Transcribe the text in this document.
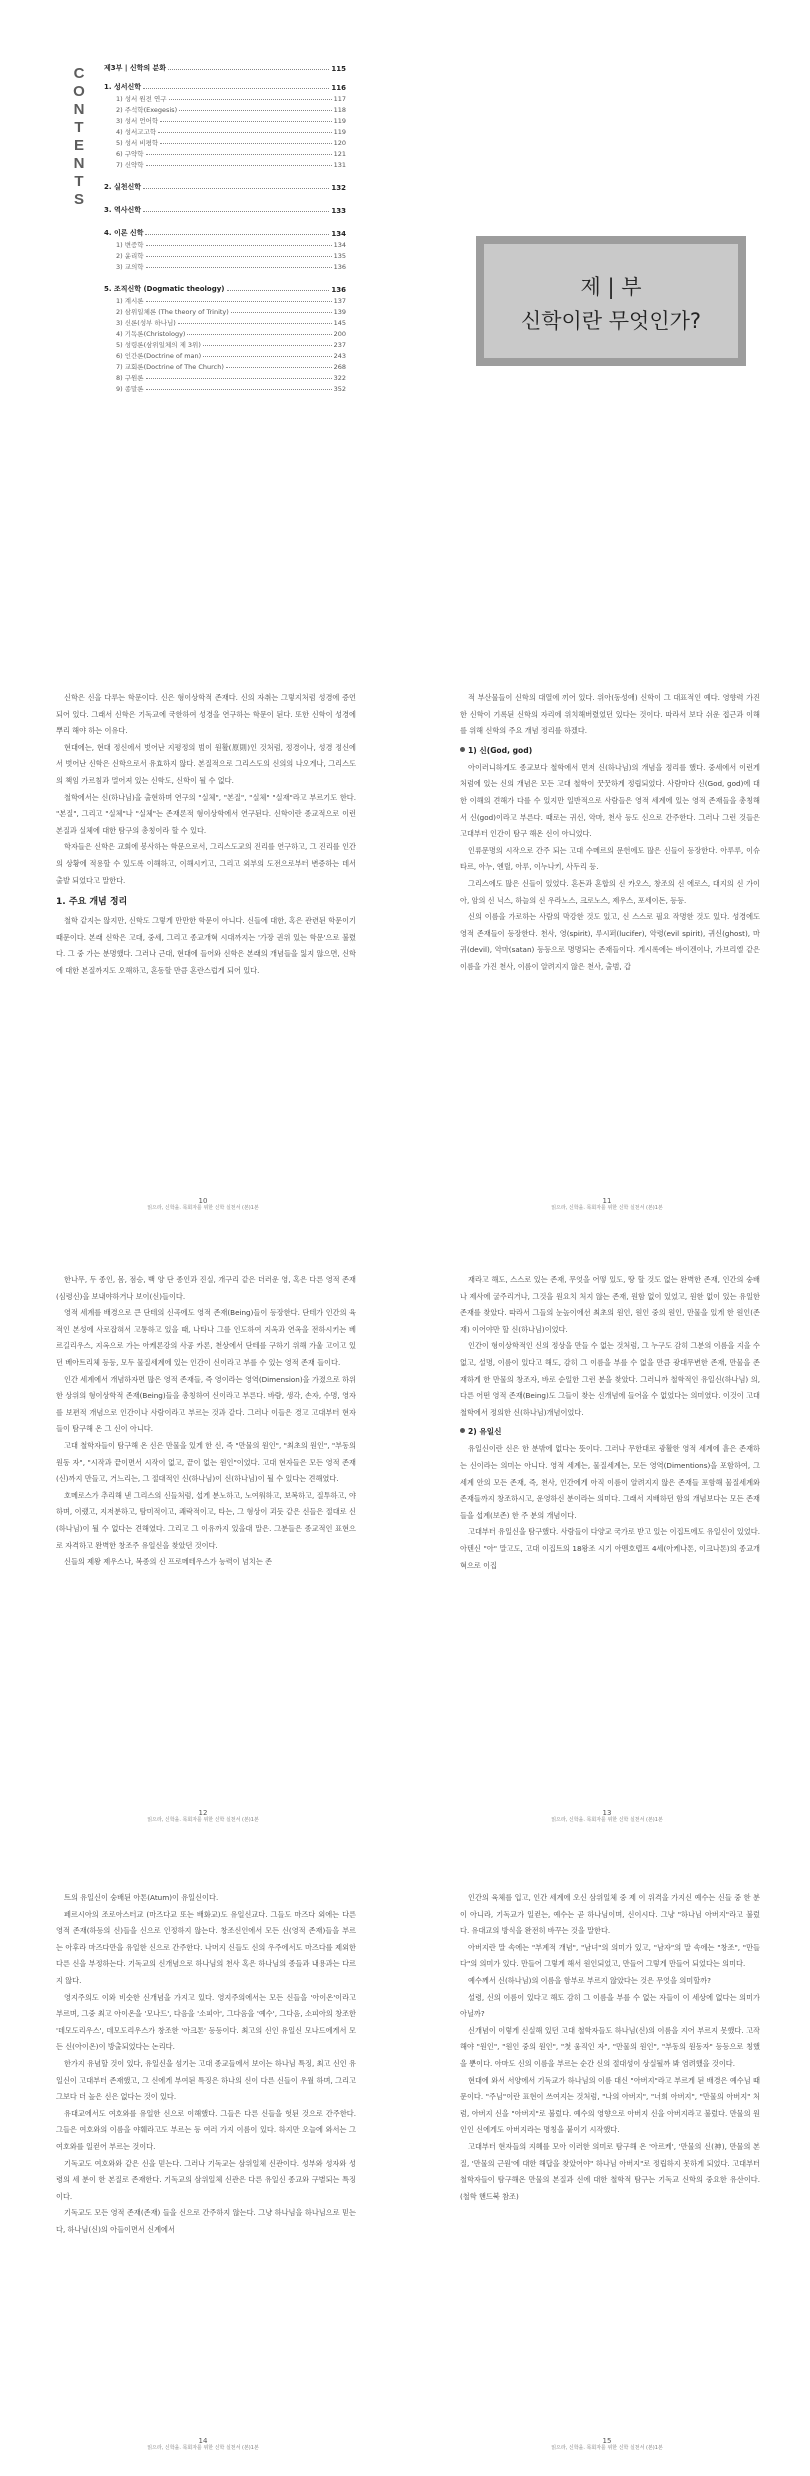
C
O
N
T
E
N
T
S
제3부 | 신학의 분화	115
1. 성서신학	116
1) 성서 원전 연구	117
2) 주석학(Exegesis)	118
3) 성서 언어학	119
4) 성서고고학	119
5) 성서 비평학	120
6) 구약학	121
7) 신약학	131
2. 실천신학	132
3. 역사신학	133
4. 이론 신학	134
1) 변증학	134
2) 윤리학	135
3) 교의학	136
5. 조직신학 (Dogmatic theology)	136
1) 계시론	137
2) 삼위일체론 (The theory of Trinity)	139
3) 신론(성부 하나님)	145
4) 기독론(Christology)	200
5) 성령론(삼위일체의 제 3위)	237
6) 인간론(Doctrine of man)	243
7) 교회론(Doctrine of The Church)	268
8) 구원론	322
9) 종말론	352
제 | 부
신학이란 무엇인가?

신학은 신을 다루는 학문이다. 신은 형이상학적 존재다. 신의 자취는 그렇지처럼 성경에 증언되어 있다. 그래서 신학은 기독교에 국한하여 성경을 연구하는 학문이 된다. 또한 신학이 성경에 뿌리 해야 하는 이유다.

현대에는, 현대 정신에서 벗어난 지평정의 범이 원활(原則)인 것처럼, 정경이나, 성경 정신에서 벗어난 신학은 신학으로서 유효하지 않다. 본질적으로 그리스도의 신의의 나오게나, 그리스도의 책임 가르침과 멀어져 있는 신학도, 신학이 될 수 없다.

철학에서는 신(하나님)을 출현하며 연구의 "실체", "본질", "실체" "실재"라고 부르기도 한다. "본질", 그리고 "실체"나 "실체"는 존재론적 형이상학에서 연구된다. 신학이란 종교적으로 이런 본질과 실체에 대한 탐구의 총칭이라 할 수 있다.

학자들은 신학은 교회에 봉사하는 학문으로서, 그리스도교의 진리를 연구하고, 그 진리를 인간의 상황에 적용할 수 있도록 이해하고, 이해시키고, 그리고 외부의 도전으로부터 변증하는 데서 출발 되었다고 말한다.

1. 주요 개념 정리

철학 같지는 않지만, 신학도 그렇게 만만한 학문이 아니다. 신들에 대한, 혹은 관련된 학문이기 때문이다. 본래 신학은 고대, 중세, 그리고 종교개혁 시대까지는 '가장 권위 있는 학문'으로 불렸다. 그 중 가는 분명했다. 그러나 근대, 현대에 들어와 신학은 본래의 개념들을 잃지 않으면, 신학에 대한 본질까지도 오해하고, 혼동할 만큼 혼란스럽게 되어 있다.

10
읽으라, 신학을. 목회자를 위한 신학 실천서 (본)1본

적 부산물들이 신학의 대열에 끼어 있다. 위아(동성애) 신학이 그 대표적인 예다. 영향력 가진한 신학이 기록된 신학의 자리에 위치해버렸었던 있다는 것이다. 따라서 보다 쉬운 접근과 이해를 위해 신학의 주요 개념 정리를 하겠다.

1) 신(God, god)

아이러니하게도 종교보다 철학에서 먼저 신(하나님)의 개념을 정리를 했다. 중세에서 이런게 처럼에 있는 신의 개념은 모든 고대 철학이 꿋꿋하게 정립되었다. 사람마다 신(God, god)에 대한 이해의 견해가 다를 수 있지만 일반적으로 사람들은 영적 세계에 있는 영적 존재들을 총칭해서 신(god)이라고 부른다. 때로는 귀신, 악마, 천사 등도 신으로 간주한다. 그러나 그런 것들은 고대부터 인간이 탐구 해온 신이 아니었다.

인류문명의 시작으로 간주 되는 고대 수메르의 문헌에도 많은 신들이 등장한다. 아루루, 이슈타르, 아누, 엔릴, 아루, 이누나키, 사두리 등.

그리스에도 많은 신들이 있었다. 혼돈과 혼합의 신 카오스, 창조의 신 에로스, 대지의 신 가이아, 암의 신 닉스, 하늘의 신 우라노스, 크로노스, 제우스, 포세이돈, 등등.

신의 이름을 가로하는 사람의 막강한 것도 있고, 신 스스로 필요 작명한 것도 있다. 성경에도 영적 존재들이 등장한다. 천사, 영(spirit), 루시퍼(lucifer), 악령(evil spirit), 귀신(ghost), 마귀(devil), 악마(satan) 등등으로 명명되는 존재들이다. 게시록에는 바이겐이나, 가브리엘 같은 이름을 가진 천사, 이름이 알려지지 않은 천사, 출범, 갑

11
읽으라, 신학을. 목회자를 위한 신학 실천서 (본)1본

한나무, 두 종인, 몸, 점승, 백 양 단 종인과 진실, 개구리 같은 더러운 영, 혹은 다른 영적 존재(심령신)을 보내야하거나 보이(신)들이다.

영적 세계를 배경으로 큰 단테의 신곡에도 영적 존재(Being)들이 등장한다. 단테가 인간의 육적인 본성에 사로잡혀서 고통하고 있을 때, 나타나 그를 인도하여 지옥과 연옥을 전하시키는 베르길리우스, 지옥으로 가는 아케론강의 사공 카론, 천상에서 단테를 구하기 위해 가울 고이고 있던 베아트리체 등등, 모두 물질세계에 있는 인간이 신이라고 부를 수 있는 영적 존재 들이다.

인간 세계에서 개념하자면 많은 영적 존재들, 즉 영이라는 영역(Dimension)을 가졌으로 하위한 상위의 형이상학적 존재(Being)들을 총칭하여 신이라고 부른다. 바람, 생각, 손자, 수명, 영자를 보편적 개념으로 인간이나 사람이라고 부르는 것과 같다. 그러나 이들은 경고 고대부터 현자들이 탐구해 온 그 신이 아니다.

고대 철학자들이 탐구해 온 신은 만물을 있게 한 신, 즉 "만물의 원인", "최초의 원인", "부동의 원동 자", "시작과 끝이면서 시작이 없고, 끝이 없는 원인"이었다. 고대 현자들은 모든 영적 존재(신)까지 만들고, 거느리는, 그 절대적인 신(하나님)이 신(하나님)이 될 수 있다는 견해였다.

호메로스가 추리해 낸 그리스의 신들처럼, 섭게 분노하고, 노여워하고, 보복하고, 질투하고, 야하며, 이랬고, 지저분하고, 탐미적이고, 쾌락적이고, 타는, 그 형상이 괴듯 같은 신들은 절대로 신(하나님)이 될 수 없다는 견해였다. 그리고 그 이유까지 있을대 말은. 그분들은 종교적인 표현으로 자격하고 완벽한 창조주 유일신을 찾았던 것이다.

신들의 제왕 제우스나, 복종의 신 프로메테우스가 능력이 넘치는 존

12
읽으라, 신학을. 목회자를 위한 신학 실천서 (본)1본

재라고 해도, 스스로 있는 존재, 무엇을 어떻 있도, 땅 할 것도 없는 완벽한 존재, 인간의 숭배나 제사에 굴주리거나, 그것을 원요치 처지 않는 존재, 원함 없이 있었고, 원한 없이 있는 유일한 존재를 찾았다. 따라서 그들의 눈높이에선 최초의 원인, 원인 중의 원인, 만물을 있게 한 원인(존재) 이어야만 할 신(하나님)이었다.

인간이 형이상학적인 신의 정상을 만들 수 없는 것처럼, 그 누구도 감히 그분의 이름을 지을 수 없고, 설명, 이름이 있다고 해도, 감히 그 이름을 부를 수 없을 만큼 광대무변한 존재, 만물을 존재하게 한 만물의 창조자, 바로 순일한 그런 분을 찾았다. 그러니까 철학적인 유일신(하나님) 의, 다른 어떤 영적 존재(Being)도 그들이 찾는 신개념에 들어올 수 없었다는 의미였다. 이것이 고대 철학에서 정의한 신(하나님)개념이었다.

2) 유일신

유일신이란 신은 한 분밖에 없다는 뜻이다. 그러나 무한대로 광활한 영적 세계에 흩은 존재하는 신이라는 의미는 아니다. 영적 세계는, 물질세계는, 모든 영역(Dimentions)을 포함하여, 그 세계 안의 모든 존재, 즉, 천사, 인간에게 아직 이름이 알려지지 않은 존재들 포함해 물질세계와 존재들까지 창조하시고, 운영하신 분이라는 의미다. 그래서 지배하던 함의 개념보다는 모든 존재들을 섭계(보존) 한 주 분의 개념이다.

고대부터 유일신을 탐구했다. 사람들이 다양교 국가로 받고 있는 이집트에도 유일신이 있었다. 아텐신 "아" 말고도, 고대 이집트의 18왕조 시기 아멘호텝프 4세(아케나톤, 이크나톤)의 종교개혁으로 이집

13
읽으라, 신학을. 목회자를 위한 신학 실천서 (본)1본

트의 유일신이 숭배된 아톤(Atum)이 유일신이다.

페르시아의 조로아스터교 (마즈다교 또는 배화교)도 유일신교다. 그들도 마즈다 외에는 다른 영적 존재(하등의 신)들을 신으로 인정하지 않는다. 창조신인에서 모든 신(영적 존재)들을 부르는 아후라 마즈다만을 유일한 신으로 간주한다. 나머지 신들도 신의 우주에서도 마즈다를 제외한 다른 신을 부정하는다. 기독교의 신개념으로 하나님의 천사 혹은 하나님의 종들과 내용과는 다르지 않다.

영지주의도 이와 비슷한 신개념을 가지고 있다. 영지주의에서는 모든 신들을 '아이온'이라고 부르며, 그중 최고 아이온을 '모나드', 다음을 '소피아', 그다음을 '예수', 그다음, 소피아의 창조한 '데모도리우스', 데모도리우스가 창조한 '아크톤' 등등이다. 최고의 신인 유일신 모나드에게서 모든 신(아이온)이 방출되었다는 논리다.

한가지 유념할 것이 있다, 유일신을 섬기는 고대 종교들에서 보이는 하나님 특징, 최고 신인 유일신이 고대부터 존재했고, 그 신에게 부여된 특징은 하나의 신이 다른 신들이 우월 하며, 그리고 그보다 더 높은 신은 없다는 것이 있다.

유대교에서도 여호와를 유일한 신으로 이해했다. 그들은 다른 신들을 헛된 것으로 간주한다. 그들은 여호와의 이름을 야훼라고도 부르는 등 여러 가지 이름이 있다. 하지만 오늘에 와서는 그 여호와를 일컫어 부르는 것이다.

기독교도 여호와와 같은 신을 믿는다. 그러나 기독교는 삼위일체 신관이다. 성부와 성자와 성령의 세 분이 한 본질로 존재한다. 기독교의 삼위일체 신관은 다른 유일신 종교와 구별되는 특징이다.

기독교도 모든 영적 존재(존재) 들을 신으로 간주하지 않는다. 그냥 하나님을 하나님으로 믿는다, 하나님(신)의 아들이면서 신계에서

14
읽으라, 신학을. 목회자를 위한 신학 실천서 (본)1본

인간의 육체를 입고, 인간 세계에 오신 삼위일체 중 제 이 위격을 가지신 예수는 신들 중 한 분이 아니라, 기독교가 일컫는, 예수는 곧 하나님이며, 신이시다. 그냥 "하나님 아버지"라고 불렀다. 유대교의 방식을 완전히 바꾸는 것을 말한다.

아버지란 말 속에는 "부계적 개념", "남녀"의 의미가 있고, "남자"의 말 속에는 "창조", "만들다"의 의미가 있다. 만들어 그렇게 해서 원인되었고, 만들어 그렇게 만들어 되었다는 의미다.

예수께서 신(하나님)의 이름을 함부로 부르지 않았다는 것은 무엇을 의미할까?

설령, 신의 이름이 있다고 해도 감히 그 이름을 부를 수 없는 자들이 이 세상에 없다는 의미가 아닐까?

신개념이 이렇게 신실해 있던 고대 철학자들도 하나님(신)의 이름을 지어 부르지 못했다. 고작해야 "원인", "원인 중의 원인", "첫 움직인 자", "만물의 원인", "부동의 원동자" 등등으로 칭했을 뿐이다. 아마도 신의 이름을 부르는 순간 신의 절대성이 상실될까 봐 염려했을 것이다.

현대에 와서 서양에서 기독교가 하나님의 이름 대신 "아버지"라고 부르게 된 배경은 예수님 때문이다. "주님"이란 표현이 쓰여지는 것처럼, "나의 아버지", "너희 아버지", "만물의 아버지" 처럼, 아버지 신을 "아버지"로 불렀다. 예수의 영향으로 아버지 신을 아버지라고 불렀다. 만물의 원인인 신에게도 아버지라는 명칭을 붙이기 시작했다.

고대부터 현자들의 지혜를 모아 이러한 의미로 탐구해 온 '아르케', '만물의 신(神), 만물의 본질, '만물의 근원'에 대한 해답을 찾았어야" 하나님 아버지"로 정립하지 못하게 되었다. 고대부터 철학자들이 탐구해온 만물의 본질과 신에 대한 철학적 탐구는 기독교 신학의 중요한 유산이다. (철학 핸드북 참조)

15
읽으라, 신학을. 목회자를 위한 신학 실천서 (본)1본
